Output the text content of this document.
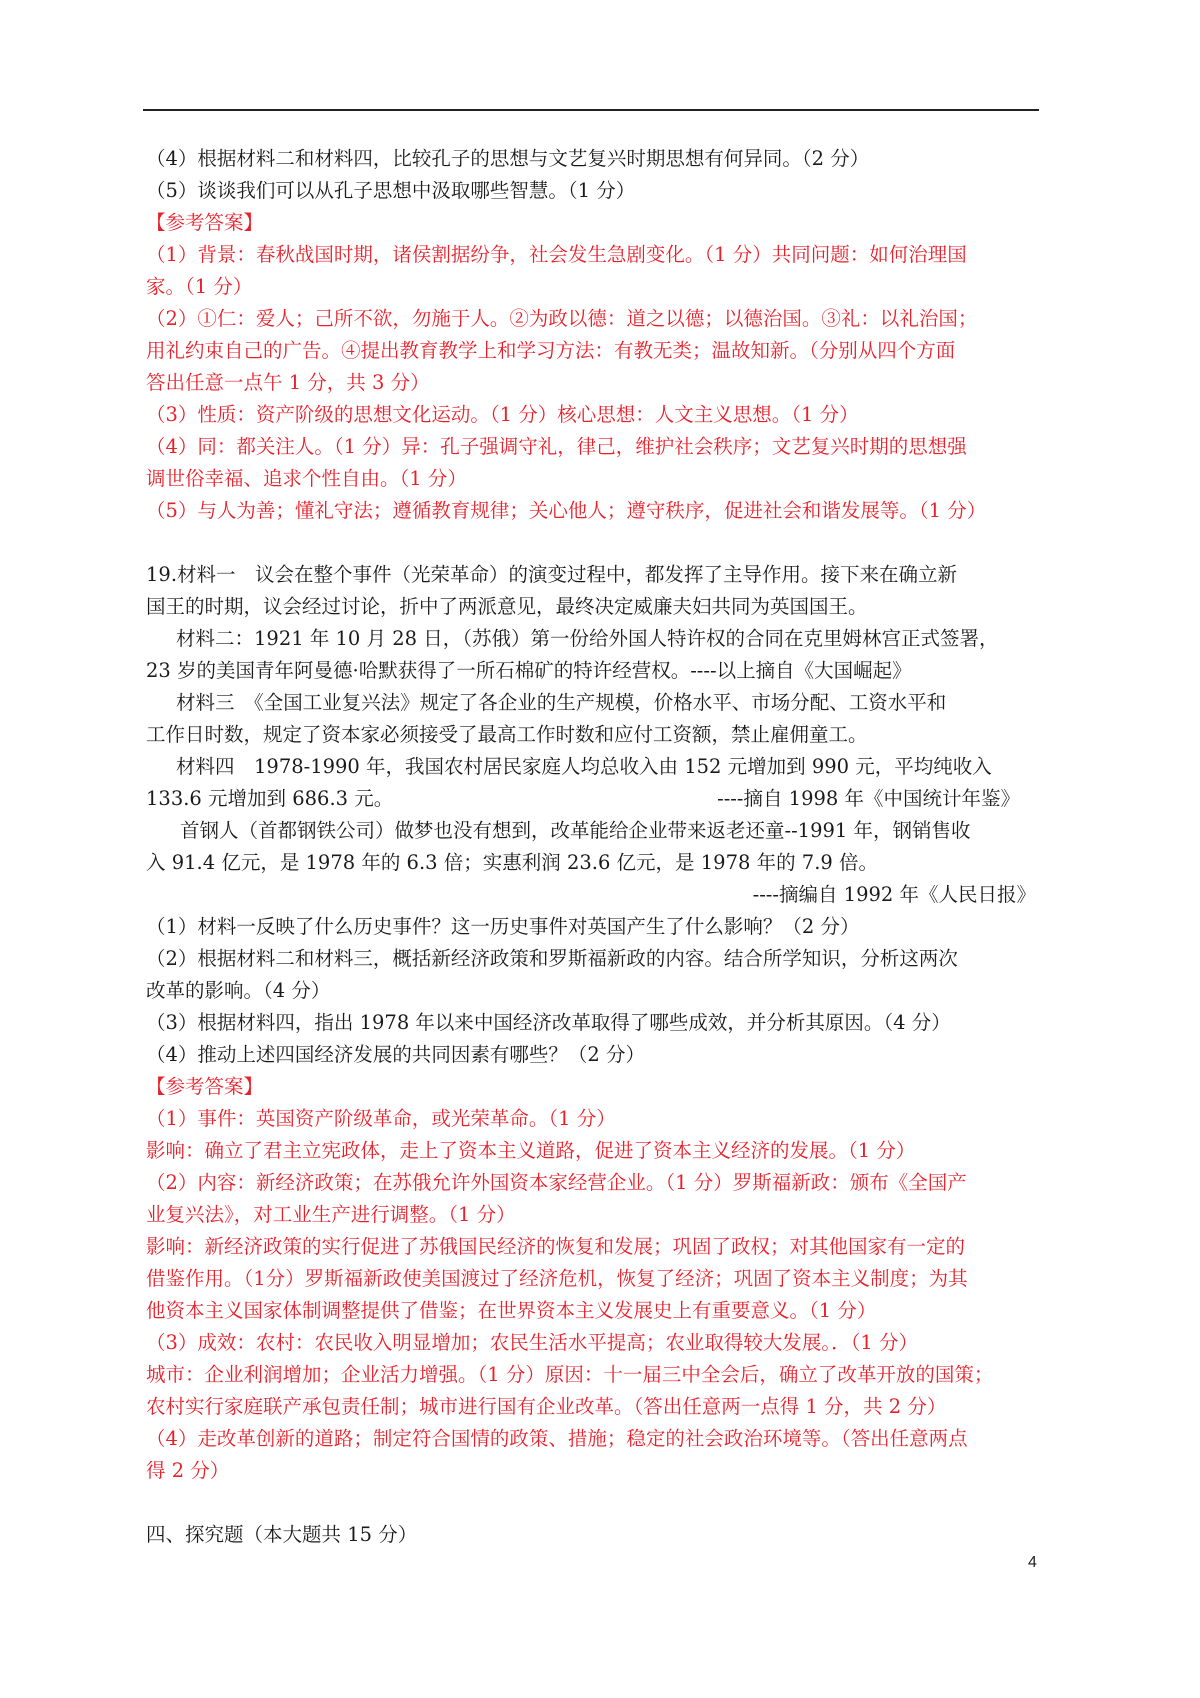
（4）根据材料二和材料四，比较孔子的思想与文艺复兴时期思想有何异同。（2 分）

（5）谈谈我们可以从孔子思想中汲取哪些智慧。（1 分）

【参考答案】

（1）背景：春秋战国时期，诸侯割据纷争，社会发生急剧变化。（1 分）共同问题：如何治理国

家。（1 分）

（2）①仁：爱人；己所不欲，勿施于人。②为政以德：道之以德；以德治国。③礼：以礼治国；

用礼约束自己的广告。④提出教育教学上和学习方法：有教无类；温故知新。（分别从四个方面

答出任意一点午 1 分，共 3 分）

（3）性质：资产阶级的思想文化运动。（1 分）核心思想：人文主义思想。（1 分）

（4）同：都关注人。（1 分）异：孔子强调守礼，律己，维护社会秩序；文艺复兴时期的思想强

调世俗幸福、追求个性自由。（1 分）

（5）与人为善；懂礼守法；遵循教育规律；关心他人；遵守秩序，促进社会和谐发展等。（1 分）

19.材料一　议会在整个事件（光荣革命）的演变过程中，都发挥了主导作用。接下来在确立新

国王的时期，议会经过讨论，折中了两派意见，最终决定威廉夫妇共同为英国国王。

材料二：1921 年 10 月 28 日，（苏俄）第一份给外国人特许权的合同在克里姆林宫正式签署，

23 岁的美国青年阿曼德·哈默获得了一所石棉矿的特许经营权。----以上摘自《大国崛起》

材料三　《全国工业复兴法》规定了各企业的生产规模，价格水平、市场分配、工资水平和

工作日时数，规定了资本家必须接受了最高工作时数和应付工资额，禁止雇佣童工。

材料四　1978-1990 年，我国农村居民家庭人均总收入由 152 元增加到 990 元，平均纯收入

133.6 元增加到 686.3 元。	----摘自 1998 年《中国统计年鉴》

首钢人（首都钢铁公司）做梦也没有想到，改革能给企业带来返老还童--1991 年，钢销售收

入 91.4 亿元，是 1978 年的 6.3 倍；实惠利润 23.6 亿元，是 1978 年的 7.9 倍。

----摘编自 1992 年《人民日报》

（1）材料一反映了什么历史事件？这一历史事件对英国产生了什么影响？（2 分）

（2）根据材料二和材料三，概括新经济政策和罗斯福新政的内容。结合所学知识，分析这两次

改革的影响。（4 分）

（3）根据材料四，指出 1978 年以来中国经济改革取得了哪些成效，并分析其原因。（4 分）

（4）推动上述四国经济发展的共同因素有哪些？（2 分）

【参考答案】

（1）事件：英国资产阶级革命，或光荣革命。（1 分）

影响：确立了君主立宪政体，走上了资本主义道路，促进了资本主义经济的发展。（1 分）

（2）内容：新经济政策；在苏俄允许外国资本家经营企业。（1 分）罗斯福新政：颁布《全国产

业复兴法》，对工业生产进行调整。（1 分）

影响：新经济政策的实行促进了苏俄国民经济的恢复和发展；巩固了政权；对其他国家有一定的

借鉴作用。（1分）罗斯福新政使美国渡过了经济危机，恢复了经济；巩固了资本主义制度；为其

他资本主义国家体制调整提供了借鉴；在世界资本主义发展史上有重要意义。（1 分）

（3）成效：农村：农民收入明显增加；农民生活水平提高；农业取得较大发展。．（1 分）

城市：企业利润增加；企业活力增强。（1 分）原因：十一届三中全会后，确立了改革开放的国策；

农村实行家庭联产承包责任制；城市进行国有企业改革。（答出任意两一点得 1 分，共 2 分）

（4）走改革创新的道路；制定符合国情的政策、措施；稳定的社会政治环境等。（答出任意两点

得 2 分）

四、探究题（本大题共 15 分）

4
